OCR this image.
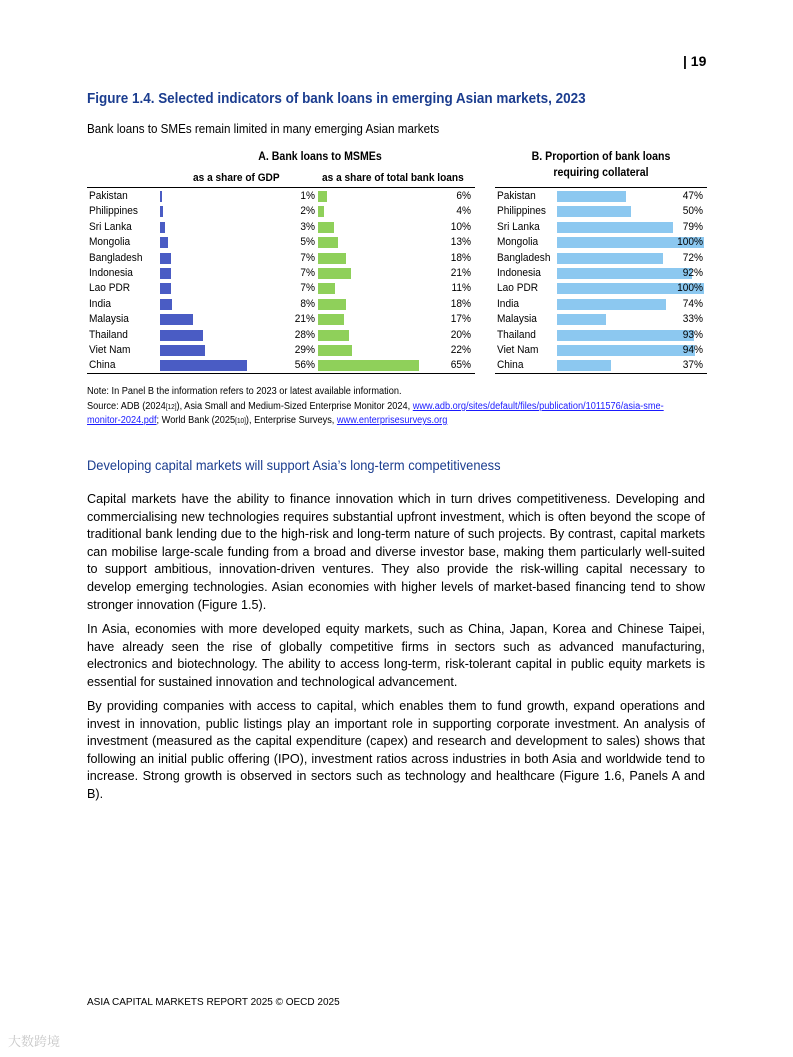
| 19
Figure 1.4. Selected indicators of bank loans in emerging Asian markets, 2023
Bank loans to SMEs remain limited in many emerging Asian markets
A. Bank loans to MSMEs
as a share of GDP	as a share of total bank loans
B. Proportion of bank loans
requiring collateral
Pakistan	1%	6%
Philippines	2%	4%
Sri Lanka	3%	10%
Mongolia	5%	13%
Bangladesh	7%	18%
Indonesia	7%	21%
Lao PDR	7%	11%
India	8%	18%
Malaysia	21%	17%
Thailand	28%	20%
Viet Nam	29%	22%
China	56%	65%
Pakistan	47%
Philippines	50%
Sri Lanka	79%
Mongolia	100%
Bangladesh	72%
Indonesia	92%
Lao PDR	100%
India	74%
Malaysia	33%
Thailand	93%
Viet Nam	94%
China	37%
Note: In Panel B the information refers to 2023 or latest available information.
Source: ADB (2024[12]), Asia Small and Medium-Sized Enterprise Monitor 2024, www.adb.org/sites/default/files/publication/1011576/asia-sme-
monitor-2024.pdf; World Bank (2025[10]), Enterprise Surveys, www.enterprisesurveys.org
Developing capital markets will support Asia’s long-term competitiveness
Capital markets have the ability to finance innovation which in turn drives competitiveness. Developing and commercialising new technologies requires substantial upfront investment, which is often beyond the scope of traditional bank lending due to the high-risk and long-term nature of such projects. By contrast, capital markets can mobilise large-scale funding from a broad and diverse investor base, making them particularly well-suited to support ambitious, innovation-driven ventures. They also provide the risk-willing capital necessary to develop emerging technologies. Asian economies with higher levels of market-based financing tend to show stronger innovation (Figure 1.5).
In Asia, economies with more developed equity markets, such as China, Japan, Korea and Chinese Taipei, have already seen the rise of globally competitive firms in sectors such as advanced manufacturing, electronics and biotechnology. The ability to access long-term, risk-tolerant capital in public equity markets is essential for sustained innovation and technological advancement.
By providing companies with access to capital, which enables them to fund growth, expand operations and invest in innovation, public listings play an important role in supporting corporate investment. An analysis of investment (measured as the capital expenditure (capex) and research and development to sales) shows that following an initial public offering (IPO), investment ratios across industries in both Asia and worldwide tend to increase. Strong growth is observed in sectors such as technology and healthcare (Figure 1.6, Panels A and B).
ASIA CAPITAL MARKETS REPORT 2025 © OECD 2025
大数跨境
